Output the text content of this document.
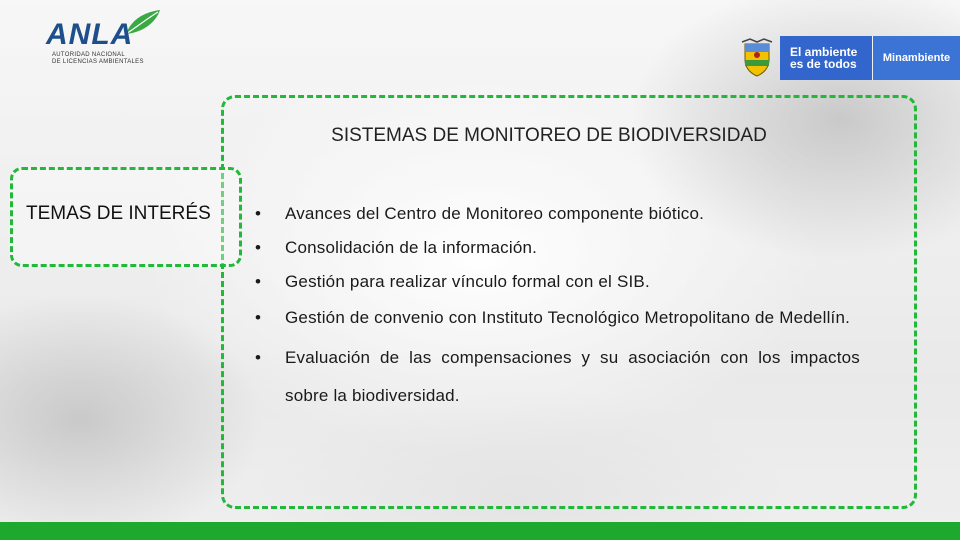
ANLA
AUTORIDAD NACIONAL
DE LICENCIAS AMBIENTALES
El ambiente
es de todos	Minambiente
SISTEMAS DE MONITOREO DE BIODIVERSIDAD
TEMAS DE INTERÉS	• Avances del Centro de Monitoreo componente biótico.
• Consolidación de la información.
• Gestión para realizar vínculo formal con el SIB.
• Gestión de convenio con Instituto Tecnológico Metropolitano de Medellín.
• Evaluación de las compensaciones y su asociación con los impactos sobre la biodiversidad.
